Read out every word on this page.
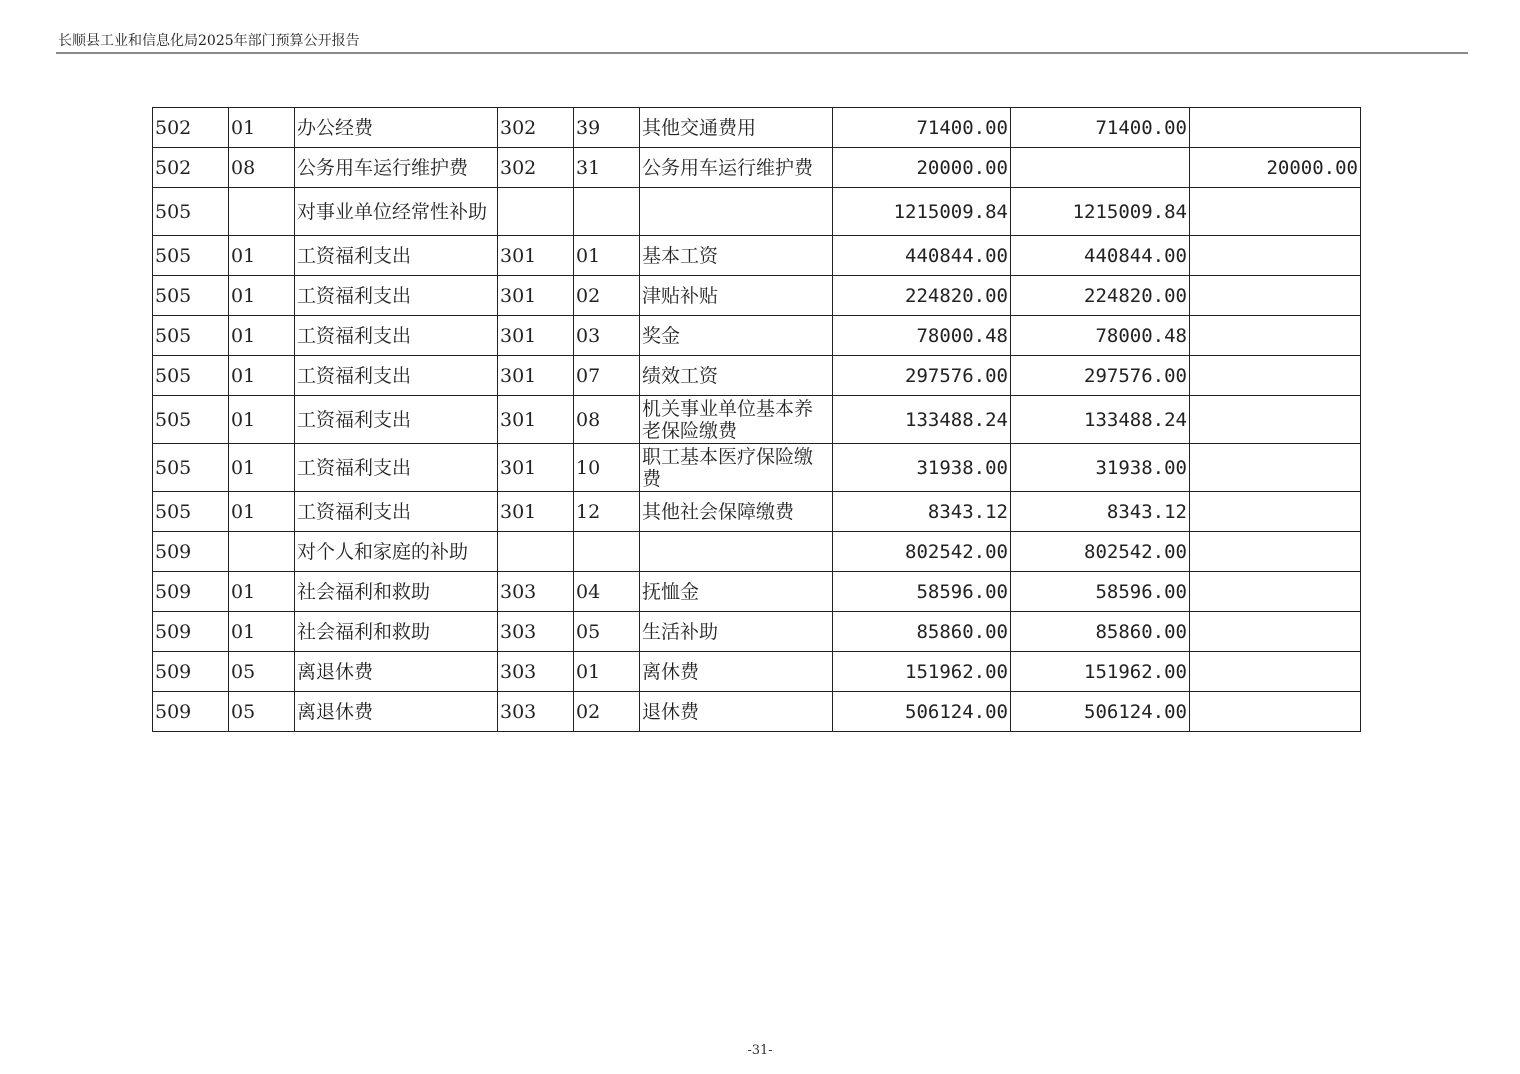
长顺县工业和信息化局2025年部门预算公开报告
502	01	办公经费	302	39	其他交通费用	71400.00	71400.00	
502	08	公务用车运行维护费	302	31	公务用车运行维护费	20000.00		20000.00
505		对事业单位经常性补助				1215009.84	1215009.84	
505	01	工资福利支出	301	01	基本工资	440844.00	440844.00	
505	01	工资福利支出	301	02	津贴补贴	224820.00	224820.00	
505	01	工资福利支出	301	03	奖金	78000.48	78000.48	
505	01	工资福利支出	301	07	绩效工资	297576.00	297576.00	
505	01	工资福利支出	301	08	机关事业单位基本养老保险缴费	133488.24	133488.24	
505	01	工资福利支出	301	10	职工基本医疗保险缴费	31938.00	31938.00	
505	01	工资福利支出	301	12	其他社会保障缴费	8343.12	8343.12	
509		对个人和家庭的补助				802542.00	802542.00	
509	01	社会福利和救助	303	04	抚恤金	58596.00	58596.00	
509	01	社会福利和救助	303	05	生活补助	85860.00	85860.00	
509	05	离退休费	303	01	离休费	151962.00	151962.00	
509	05	离退休费	303	02	退休费	506124.00	506124.00	
-31-
